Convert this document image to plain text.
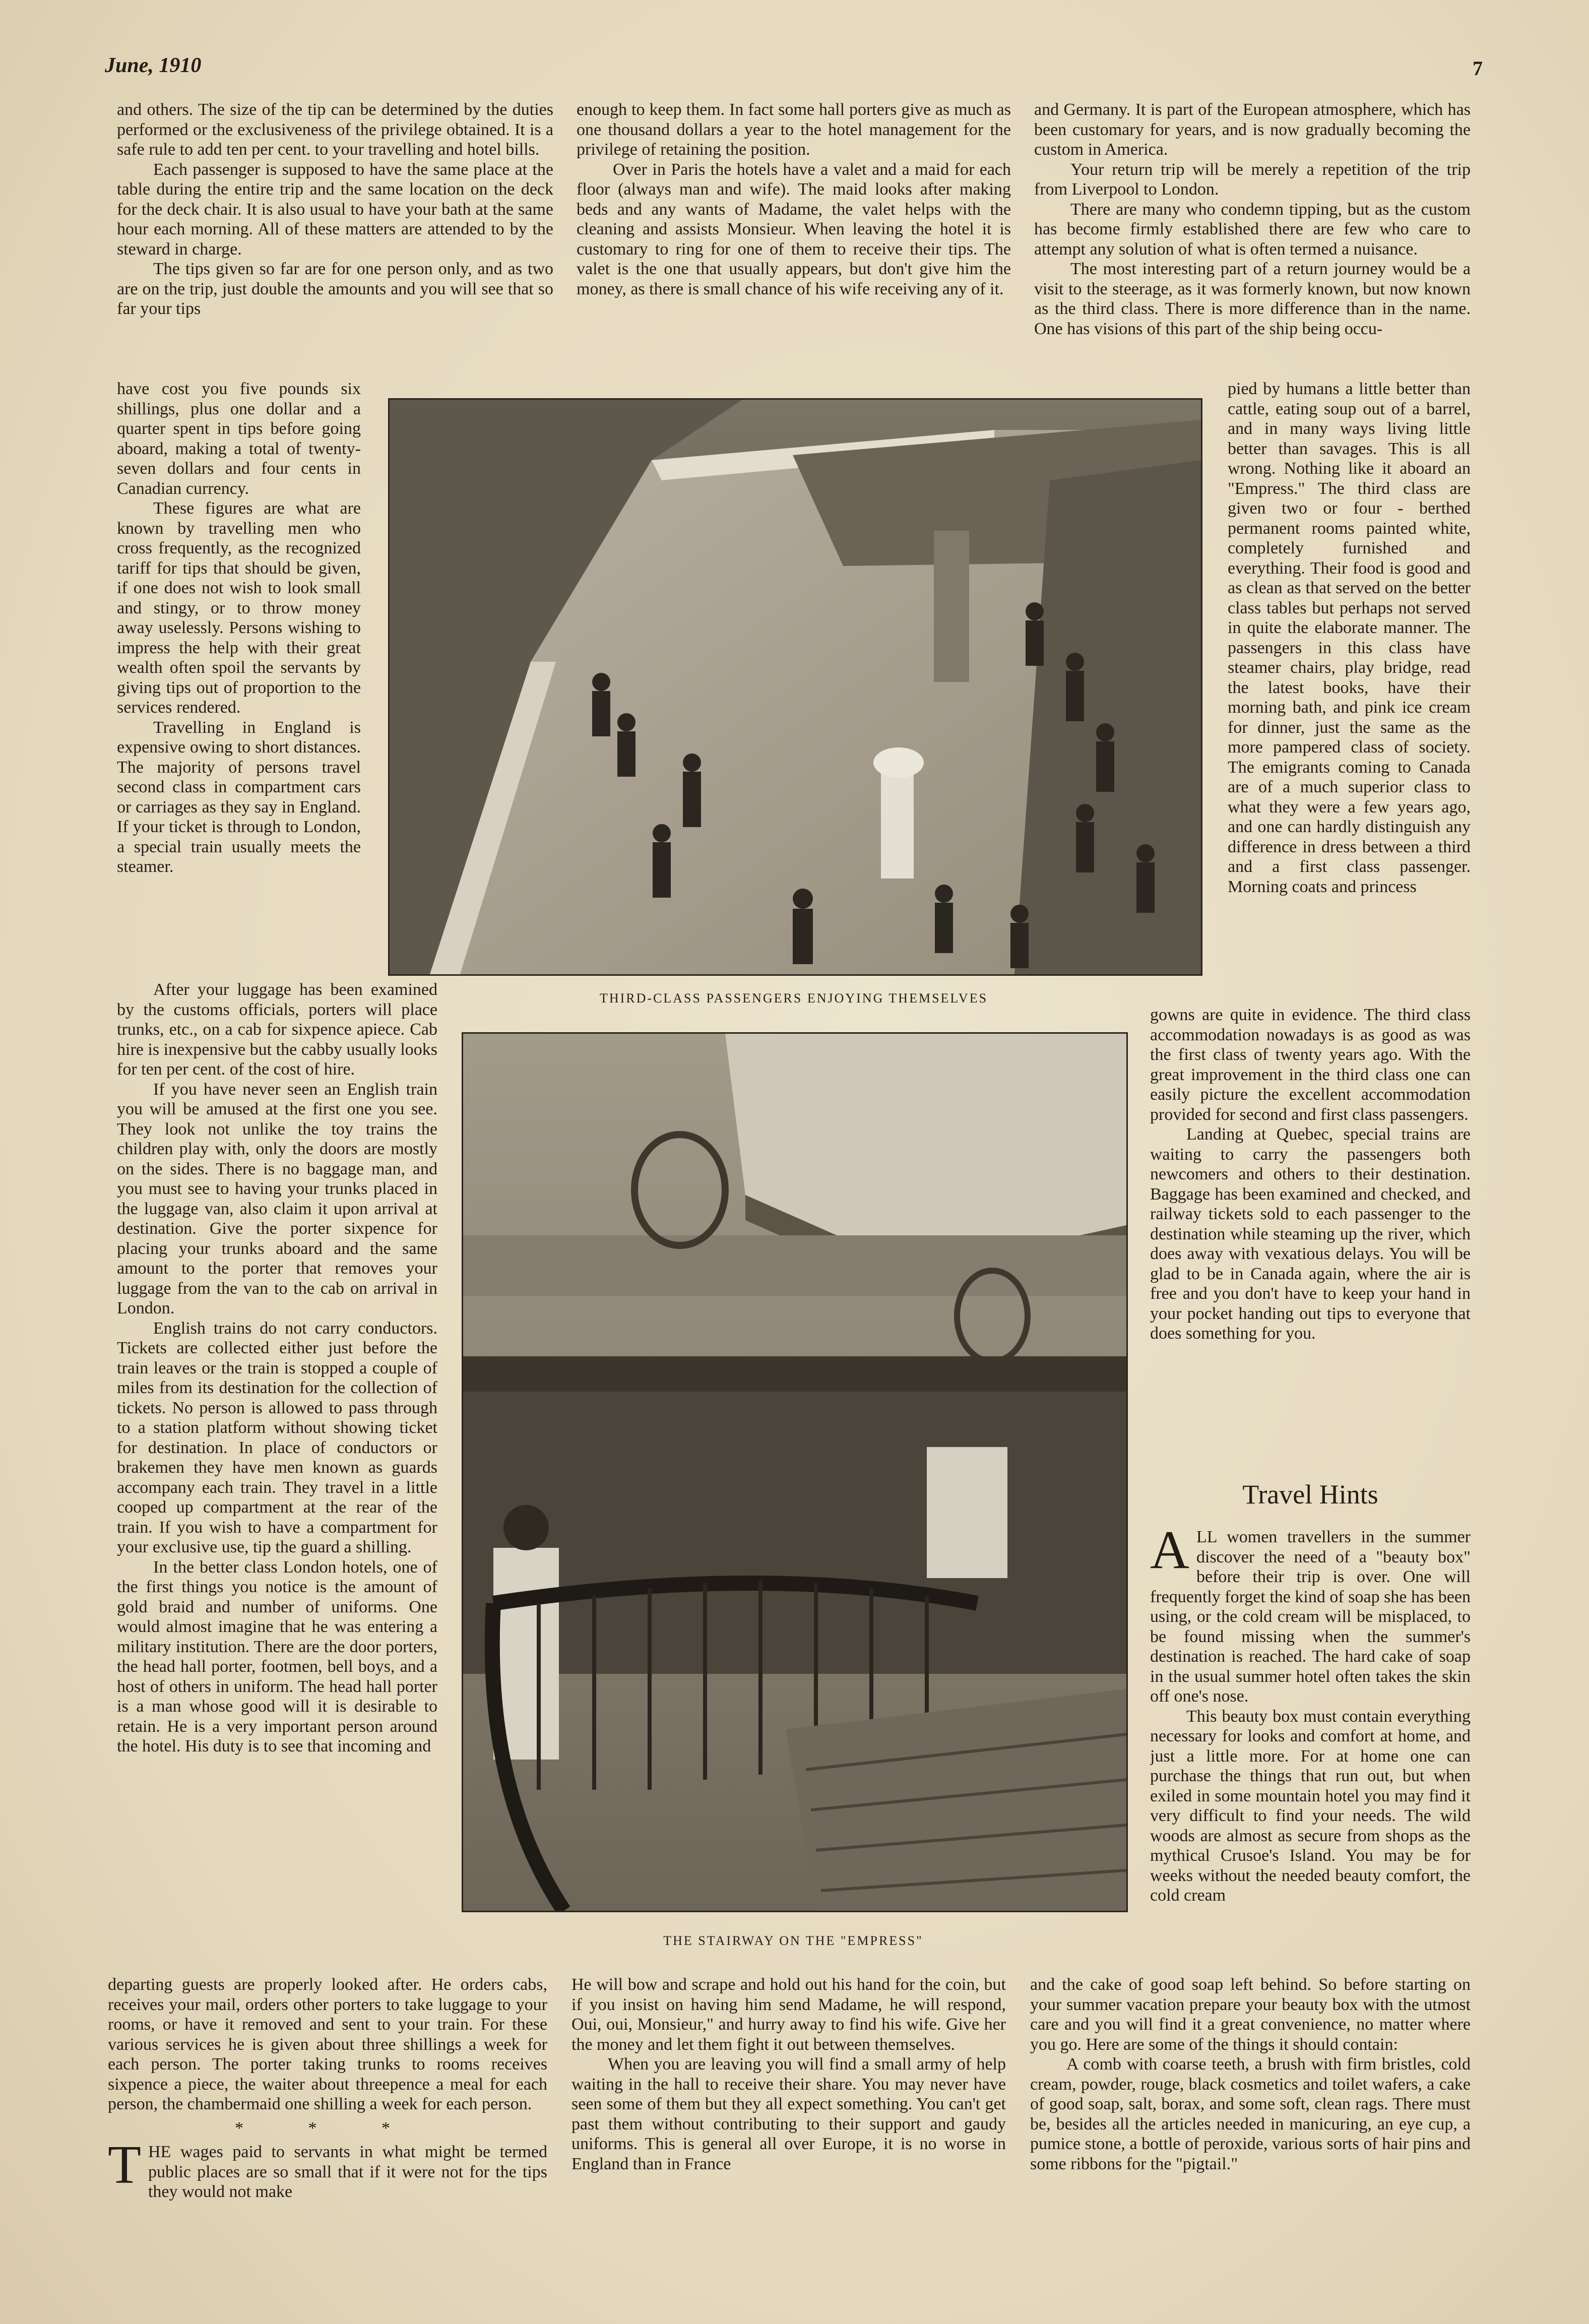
June, 1910	7

and others. The size of the tip can be determined by the duties performed or the exclusiveness of the privilege obtained. It is a safe rule to add ten per cent. to your travelling and hotel bills.

Each passenger is supposed to have the same place at the table during the entire trip and the same location on the deck for the deck chair. It is also usual to have your bath at the same hour each morning. All of these matters are attended to by the steward in charge.

The tips given so far are for one person only, and as two are on the trip, just double the amounts and you will see that so far your tips

have cost you five pounds six shillings, plus one dollar and a quarter spent in tips before going aboard, making a total of twenty-seven dollars and four cents in Canadian currency.

These figures are what are known by travelling men who cross frequently, as the recognized tariff for tips that should be given, if one does not wish to look small and stingy, or to throw money away uselessly. Persons wishing to impress the help with their great wealth often spoil the servants by giving tips out of proportion to the services rendered.

Travelling in England is expensive owing to short distances. The majority of persons travel second class in compartment cars or carriages as they say in England. If your ticket is through to London, a special train usually meets the steamer.

After your luggage has been examined by the customs officials, porters will place trunks, etc., on a cab for sixpence apiece. Cab hire is inexpensive but the cabby usually looks for ten per cent. of the cost of hire.

If you have never seen an English train you will be amused at the first one you see. They look not unlike the toy trains the children play with, only the doors are mostly on the sides. There is no baggage man, and you must see to having your trunks placed in the luggage van, also claim it upon arrival at destination. Give the porter sixpence for placing your trunks aboard and the same amount to the porter that removes your luggage from the van to the cab on arrival in London.

English trains do not carry conductors. Tickets are collected either just before the train leaves or the train is stopped a couple of miles from its destination for the collection of tickets. No person is allowed to pass through to a station platform without showing ticket for destination. In place of conductors or brakemen they have men known as guards accompany each train. They travel in a little cooped up compartment at the rear of the train. If you wish to have a compartment for your exclusive use, tip the guard a shilling.

In the better class London hotels, one of the first things you notice is the amount of gold braid and number of uniforms. One would almost imagine that he was entering a military institution. There are the door porters, the head hall porter, footmen, bell boys, and a host of others in uniform. The head hall porter is a man whose good will it is desirable to retain. He is a very important person around the hotel. His duty is to see that incoming and

departing guests are properly looked after. He orders cabs, receives your mail, orders other porters to take luggage to your rooms, or have it removed and sent to your train. For these various services he is given about three shillings a week for each person. The porter taking trunks to rooms receives sixpence a piece, the waiter about threepence a meal for each person, the chambermaid one shilling a week for each person.

* * *

THE wages paid to servants in what might be termed public places are so small that if it were not for the tips they would not make

enough to keep them. In fact some hall porters give as much as one thousand dollars a year to the hotel management for the privilege of retaining the position.

Over in Paris the hotels have a valet and a maid for each floor (always man and wife). The maid looks after making beds and any wants of Madame, the valet helps with the cleaning and assists Monsieur. When leaving the hotel it is customary to ring for one of them to receive their tips. The valet is the one that usually appears, but don't give him the money, as there is small chance of his wife receiving any of it.

He will bow and scrape and hold out his hand for the coin, but if you insist on having him send Madame, he will respond, Oui, oui, Monsieur," and hurry away to find his wife. Give her the money and let them fight it out between themselves.

When you are leaving you will find a small army of help waiting in the hall to receive their share. You may never have seen some of them but they all expect something. You can't get past them without contributing to their support and gaudy uniforms. This is general all over Europe, it is no worse in England than in France

and Germany. It is part of the European atmosphere, which has been customary for years, and is now gradually becoming the custom in America.

Your return trip will be merely a repetition of the trip from Liverpool to London.

There are many who condemn tipping, but as the custom has become firmly established there are few who care to attempt any solution of what is often termed a nuisance.

The most interesting part of a return journey would be a visit to the steerage, as it was formerly known, but now known as the third class. There is more difference than in the name. One has visions of this part of the ship being occu-

pied by humans a little better than cattle, eating soup out of a barrel, and in many ways living little better than savages. This is all wrong. Nothing like it aboard an "Empress." The third class are given two or four - berthed permanent rooms painted white, completely furnished and everything. Their food is good and as clean as that served on the better class tables but perhaps not served in quite the elaborate manner. The passengers in this class have steamer chairs, play bridge, read the latest books, have their morning bath, and pink ice cream for dinner, just the same as the more pampered class of society. The emigrants coming to Canada are of a much superior class to what they were a few years ago, and one can hardly distinguish any difference in dress between a third and a first class passenger. Morning coats and princess

gowns are quite in evidence. The third class accommodation nowadays is as good as was the first class of twenty years ago. With the great improvement in the third class one can easily picture the excellent accommodation provided for second and first class passengers.

Landing at Quebec, special trains are waiting to carry the passengers both newcomers and others to their destination. Baggage has been examined and checked, and railway tickets sold to each passenger to the destination while steaming up the river, which does away with vexatious delays. You will be glad to be in Canada again, where the air is free and you don't have to keep your hand in your pocket handing out tips to everyone that does something for you.

Travel Hints

ALL women travellers in the summer discover the need of a "beauty box" before their trip is over. One will frequently forget the kind of soap she has been using, or the cold cream will be misplaced, to be found missing when the summer's destination is reached. The hard cake of soap in the usual summer hotel often takes the skin off one's nose.

This beauty box must contain everything necessary for looks and comfort at home, and just a little more. For at home one can purchase the things that run out, but when exiled in some mountain hotel you may find it very difficult to find your needs. The wild woods are almost as secure from shops as the mythical Crusoe's Island. You may be for weeks without the needed beauty comfort, the cold cream

and the cake of good soap left behind. So before starting on your summer vacation prepare your beauty box with the utmost care and you will find it a great convenience, no matter where you go. Here are some of the things it should contain:

A comb with coarse teeth, a brush with firm bristles, cold cream, powder, rouge, black cosmetics and toilet wafers, a cake of good soap, salt, borax, and some soft, clean rags. There must be, besides all the articles needed in manicuring, an eye cup, a pumice stone, a bottle of peroxide, various sorts of hair pins and some ribbons for the "pigtail."

THIRD-CLASS PASSENGERS ENJOYING THEMSELVES
THE STAIRWAY ON THE "EMPRESS"
